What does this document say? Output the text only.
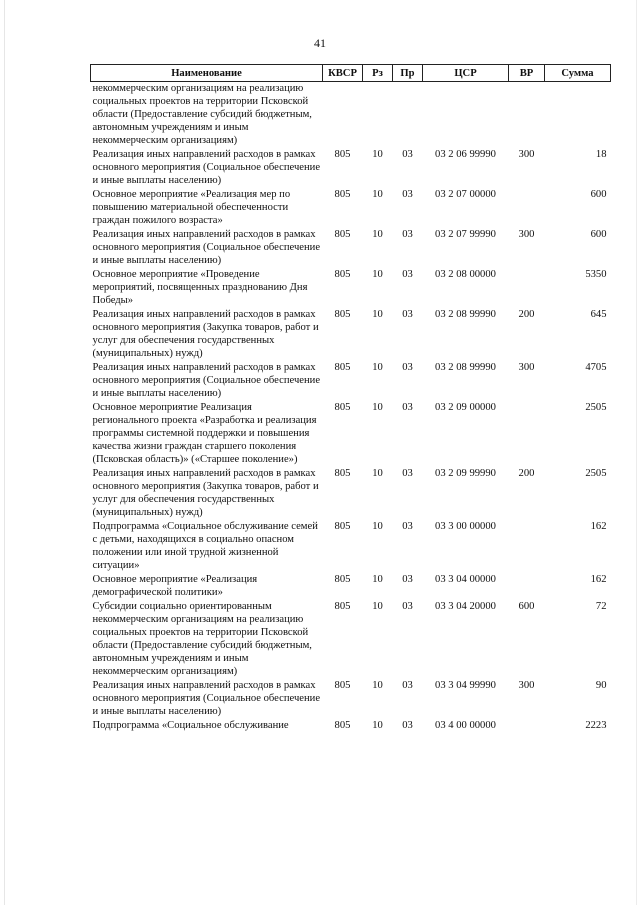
41
Наименование	КВСР	Рз	Пр	ЦСР	ВР	Сумма
некоммерческим организациям на реализацию социальных проектов на территории Псковской области (Предоставление субсидий бюджетным, автономным учреждениям и иным некоммерческим организациям)						
Реализация иных направлений расходов в рамках основного мероприятия (Социальное обеспечение и иные выплаты населению)	805	10	03	03 2 06 99990	300	18
Основное мероприятие «Реализация мер по повышению материальной обеспеченности граждан пожилого возраста»	805	10	03	03 2 07 00000		600
Реализация иных направлений расходов в рамках основного мероприятия (Социальное обеспечение и иные выплаты населению)	805	10	03	03 2 07 99990	300	600
Основное мероприятие «Проведение мероприятий, посвященных празднованию Дня Победы»	805	10	03	03 2 08 00000		5350
Реализация иных направлений расходов в рамках основного мероприятия (Закупка товаров, работ и услуг для обеспечения государственных (муниципальных) нужд)	805	10	03	03 2 08 99990	200	645
Реализация иных направлений расходов в рамках основного мероприятия (Социальное обеспечение и иные выплаты населению)	805	10	03	03 2 08 99990	300	4705
Основное мероприятие Реализация регионального проекта «Разработка и реализация программы системной поддержки и повышения качества жизни граждан старшего поколения (Псковская область)» («Старшее поколение»)	805	10	03	03 2 09 00000		2505
Реализация иных направлений расходов в рамках основного мероприятия (Закупка товаров, работ и услуг для обеспечения государственных (муниципальных) нужд)	805	10	03	03 2 09 99990	200	2505
Подпрограмма «Социальное обслуживание семей с детьми, находящихся в социально опасном положении или иной трудной жизненной ситуации»	805	10	03	03 3 00 00000		162
Основное мероприятие «Реализация демографической политики»	805	10	03	03 3 04 00000		162
Субсидии социально ориентированным некоммерческим организациям на реализацию социальных проектов на территории Псковской области (Предоставление субсидий бюджетным, автономным учреждениям и иным некоммерческим организациям)	805	10	03	03 3 04 20000	600	72
Реализация иных направлений расходов в рамках основного мероприятия (Социальное обеспечение и иные выплаты населению)	805	10	03	03 3 04 99990	300	90
Подпрограмма «Социальное обслуживание	805	10	03	03 4 00 00000		2223
